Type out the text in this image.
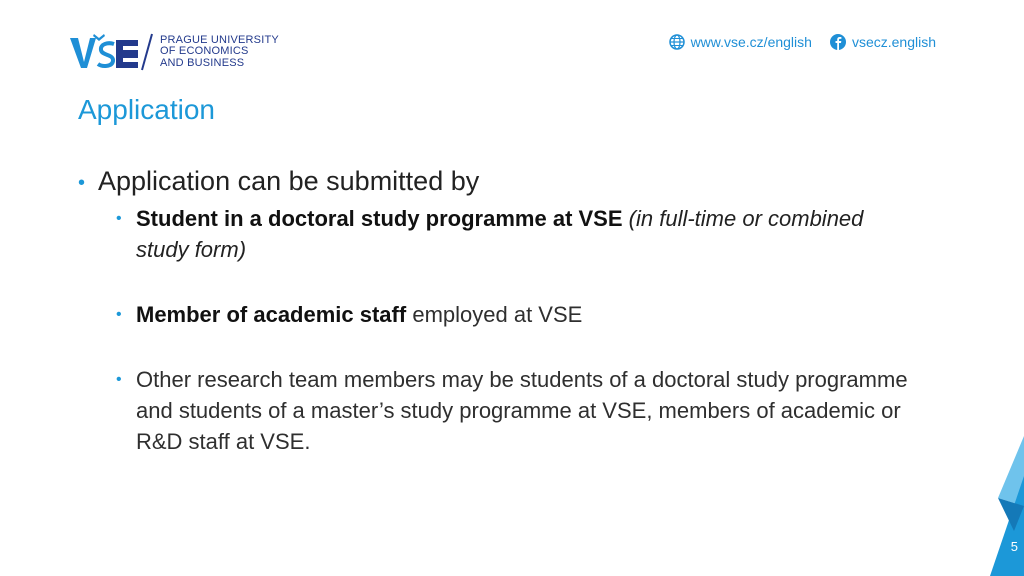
PRAGUE UNIVERSITY
OF ECONOMICS
AND BUSINESS
www.vse.cz/english	vsecz.english
Application
• Application can be submitted by
• Student in a doctoral study programme at VSE (in full-time or combined study form)
• Member of academic staff employed at VSE
• Other research team members may be students of a doctoral study programme and students of a master’s study programme at VSE, members of academic or R&D staff at VSE.
5
